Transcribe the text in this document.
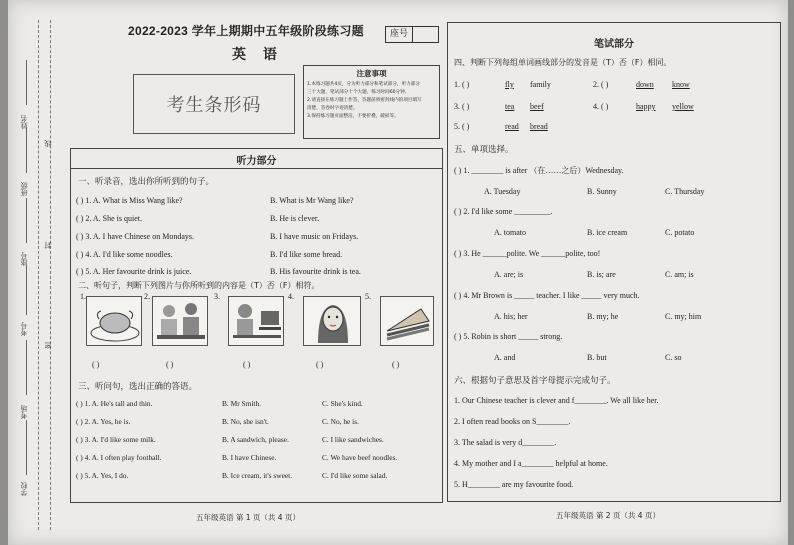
姓名
线
班级
封
座号
考号
密
考场
学校
2022-2023 学年上期期中五年级阶段练习题
英 语
座号
考生条形码
注意事项
1.本练习题共4页，分为听力部分和笔试部分，听力部分
三十大题，笔试部分十个大题，练习时间60分钟。
2.请直接在练习题上作答，答题前将密封线内的项目填写
清楚，答卷时字迹清楚。
3.保持练习题页面整洁，不要折叠，破损等。
听力部分
一、听录音，选出你所听到的句子。
( ) 1. A. What is Miss Wang like?	B. What is Mr Wang like?
( ) 2. A. She is quiet.	B. He is clever.
( ) 3. A. I have Chinese on Mondays.	B. I have music on Fridays.
( ) 4. A. I'd like some noodles.	B. I'd like some bread.
( ) 5. A. Her favourite drink is juice.	B. His favourite drink is tea.
二、听句子，判断下列图片与你所听到的内容是（T）否（F）相符。
1.	2.	3.	4.	5.
( )	( )	( )	( )	( )
三、听问句，选出正确的答语。
( ) 1. A. He's tall and thin.	B. Mr Smith.	C. She's kind.
( ) 2. A. Yes, he is.	B. No, she isn't.	C. No, he is.
( ) 3. A. I'd like some milk.	B. A sandwich, please.	C. I like sandwiches.
( ) 4. A. I often play football.	B. I have Chinese.	C. We have beef noodles.
( ) 5. A. Yes, I do.	B. Ice cream, it's sweet.	C. I'd like some salad.
五年级英语 第 1 页（共 4 页）
笔试部分
四、判断下列每组单词画线部分的发音是（T）否（F）相同。
1. ( )	fly family	2. ( )	down know
3. ( )	tea beef	4. ( )	happy yellow
5. ( )	read bread
五、单项选择。
( ) 1. ________ is after （在……之后）Wednesday.
A. Tuesday	B. Sunny	C. Thursday
( ) 2. I'd like some _________.
A. tomato	B. ice cream	C. potato
( ) 3. He ______polite. We ______polite, too!
A. are; is	B. is; are	C. am; is
( ) 4. Mr Brown is _____ teacher. I like _____ very much.
A. his; her	B. my; he	C. my; him
( ) 5. Robin is short _____ strong.
A. and	B. but	C. so
六、根据句子意思及首字母提示完成句子。
1. Our Chinese teacher is clever and f________. We all like her.
2. I often read books on S________.
3. The salad is very d________.
4. My mother and I a________ helpful at home.
5. H________ are my favourite food.
五年级英语 第 2 页（共 4 页）
